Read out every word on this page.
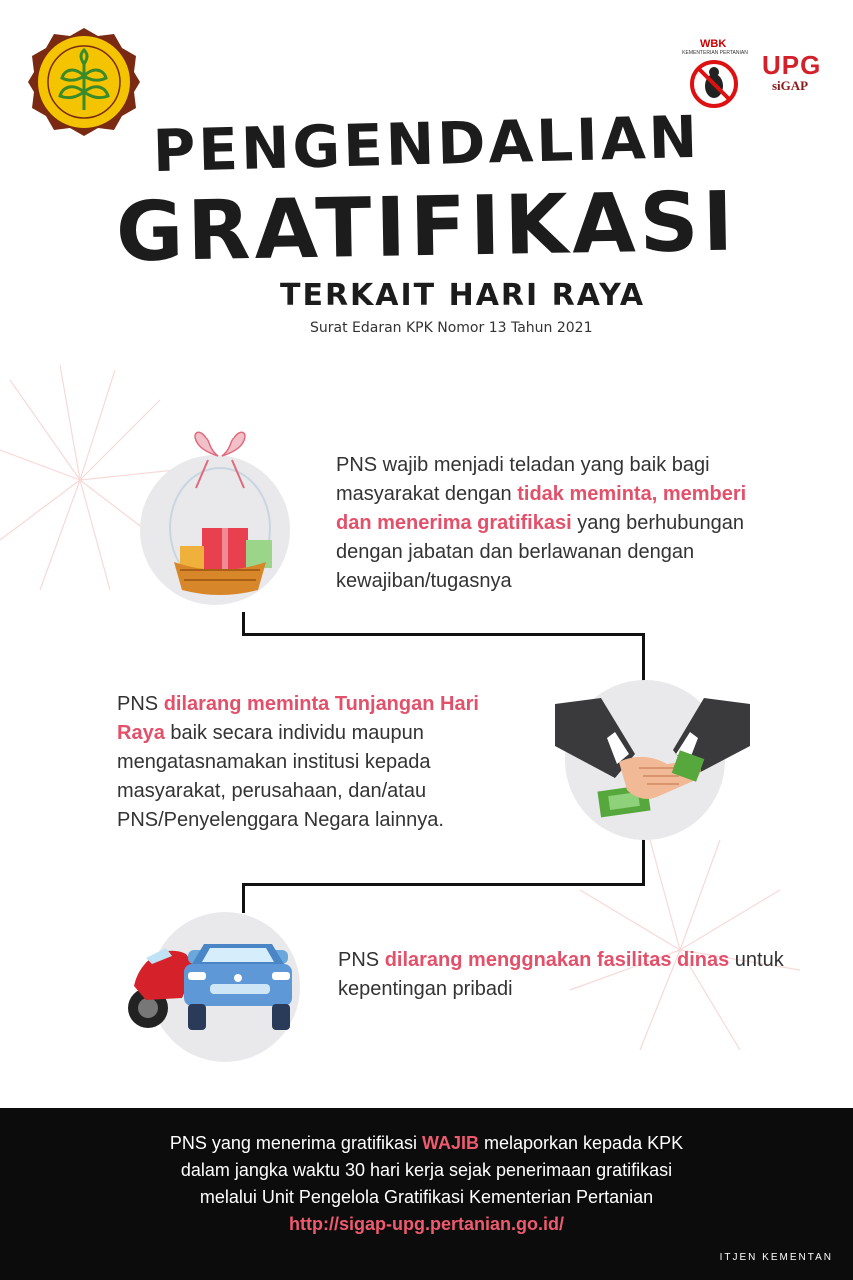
WBK
KEMENTERIAN PERTANIAN UPG
siGAP
PENGENDALIAN
GRATIFIKASI
TERKAIT HARI RAYA
Surat Edaran KPK Nomor 13 Tahun 2021
PNS wajib menjadi teladan yang baik bagi masyarakat dengan tidak meminta, memberi dan menerima gratifikasi yang berhubungan dengan jabatan dan berlawanan dengan kewajiban/tugasnya
PNS dilarang meminta Tunjangan Hari Raya baik secara individu maupun mengatasnamakan institusi kepada masyarakat, perusahaan, dan/atau PNS/Penyelenggara Negara lainnya.
PNS dilarang menggnakan fasilitas dinas untuk kepentingan pribadi
PNS yang menerima gratifikasi WAJIB melaporkan kepada KPK
dalam jangka waktu 30 hari kerja sejak penerimaan gratifikasi
melalui Unit Pengelola Gratifikasi Kementerian Pertanian
http://sigap-upg.pertanian.go.id/
ITJEN KEMENTAN
